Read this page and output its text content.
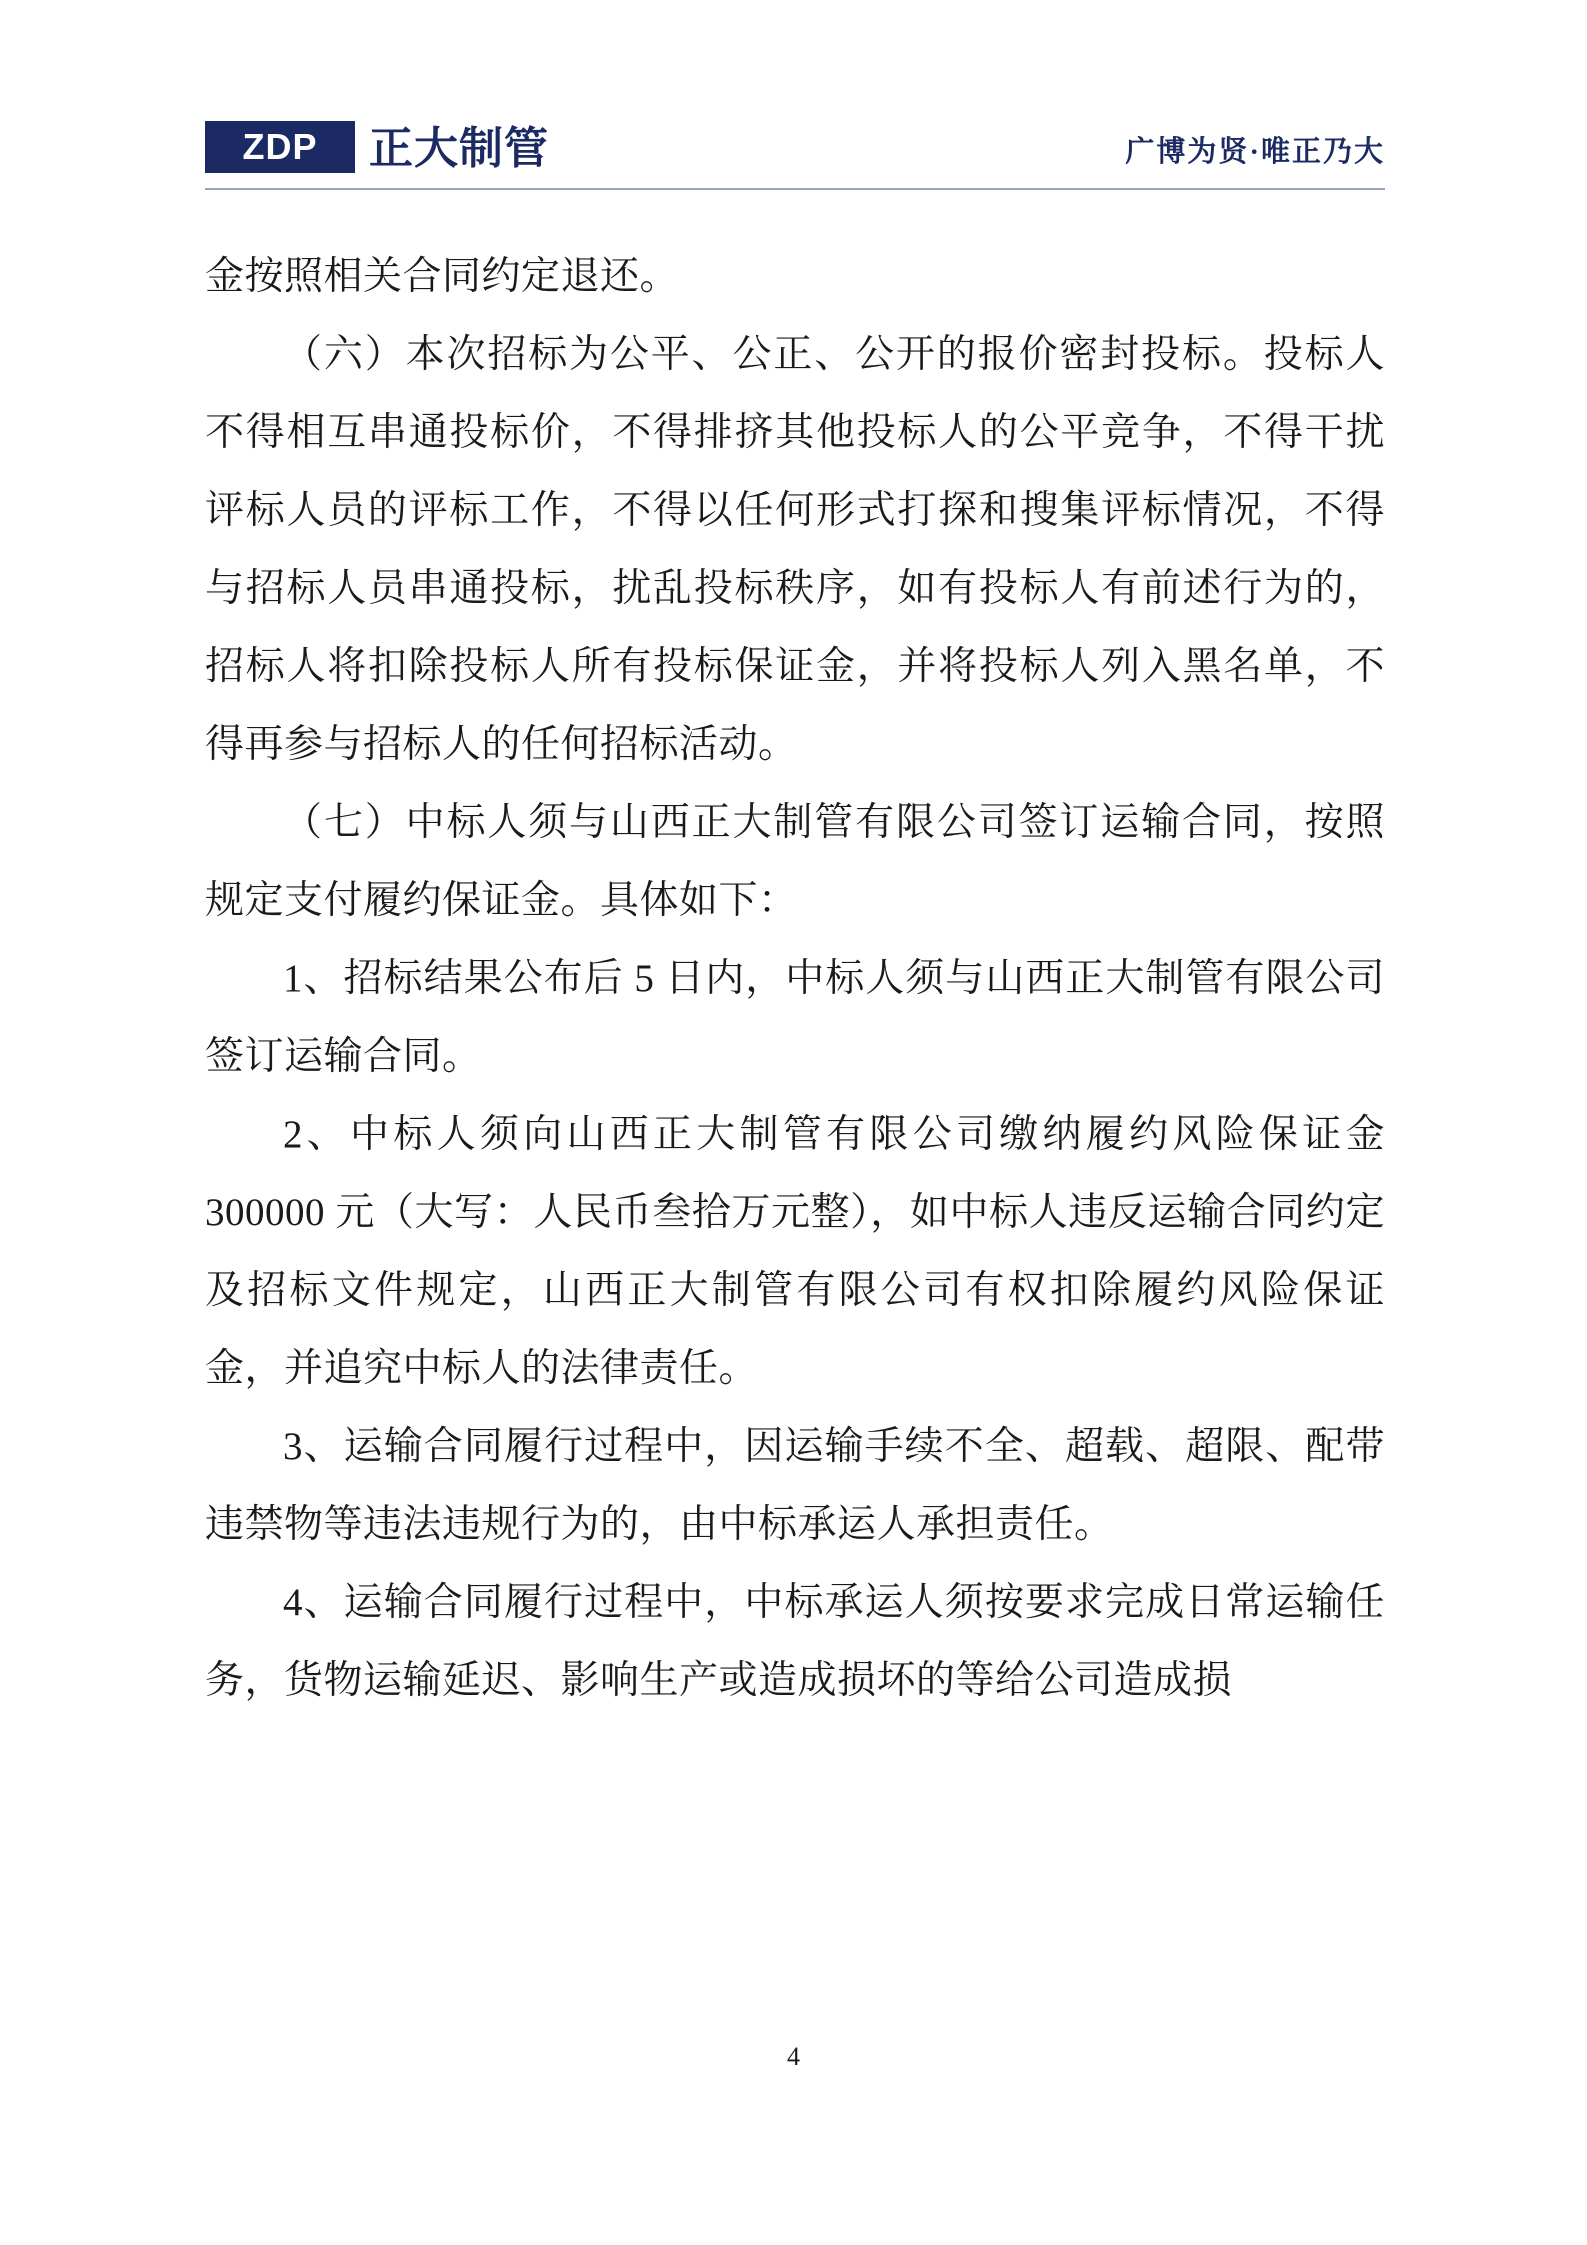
ZDP 正大制管	广博为贤·唯正乃大

金按照相关合同约定退还。

（六）本次招标为公平、公正、公开的报价密封投标。投标人不得相互串通投标价，不得排挤其他投标人的公平竞争，不得干扰评标人员的评标工作，不得以任何形式打探和搜集评标情况，不得与招标人员串通投标，扰乱投标秩序，如有投标人有前述行为的，招标人将扣除投标人所有投标保证金，并将投标人列入黑名单，不得再参与招标人的任何招标活动。

（七）中标人须与山西正大制管有限公司签订运输合同，按照规定支付履约保证金。具体如下：

1、招标结果公布后 5 日内，中标人须与山西正大制管有限公司签订运输合同。

2、中标人须向山西正大制管有限公司缴纳履约风险保证金300000 元（大写：人民币叁拾万元整），如中标人违反运输合同约定及招标文件规定，山西正大制管有限公司有权扣除履约风险保证金，并追究中标人的法律责任。

3、运输合同履行过程中，因运输手续不全、超载、超限、配带违禁物等违法违规行为的，由中标承运人承担责任。

4、运输合同履行过程中，中标承运人须按要求完成日常运输任务，货物运输延迟、影响生产或造成损坏的等给公司造成损

4
